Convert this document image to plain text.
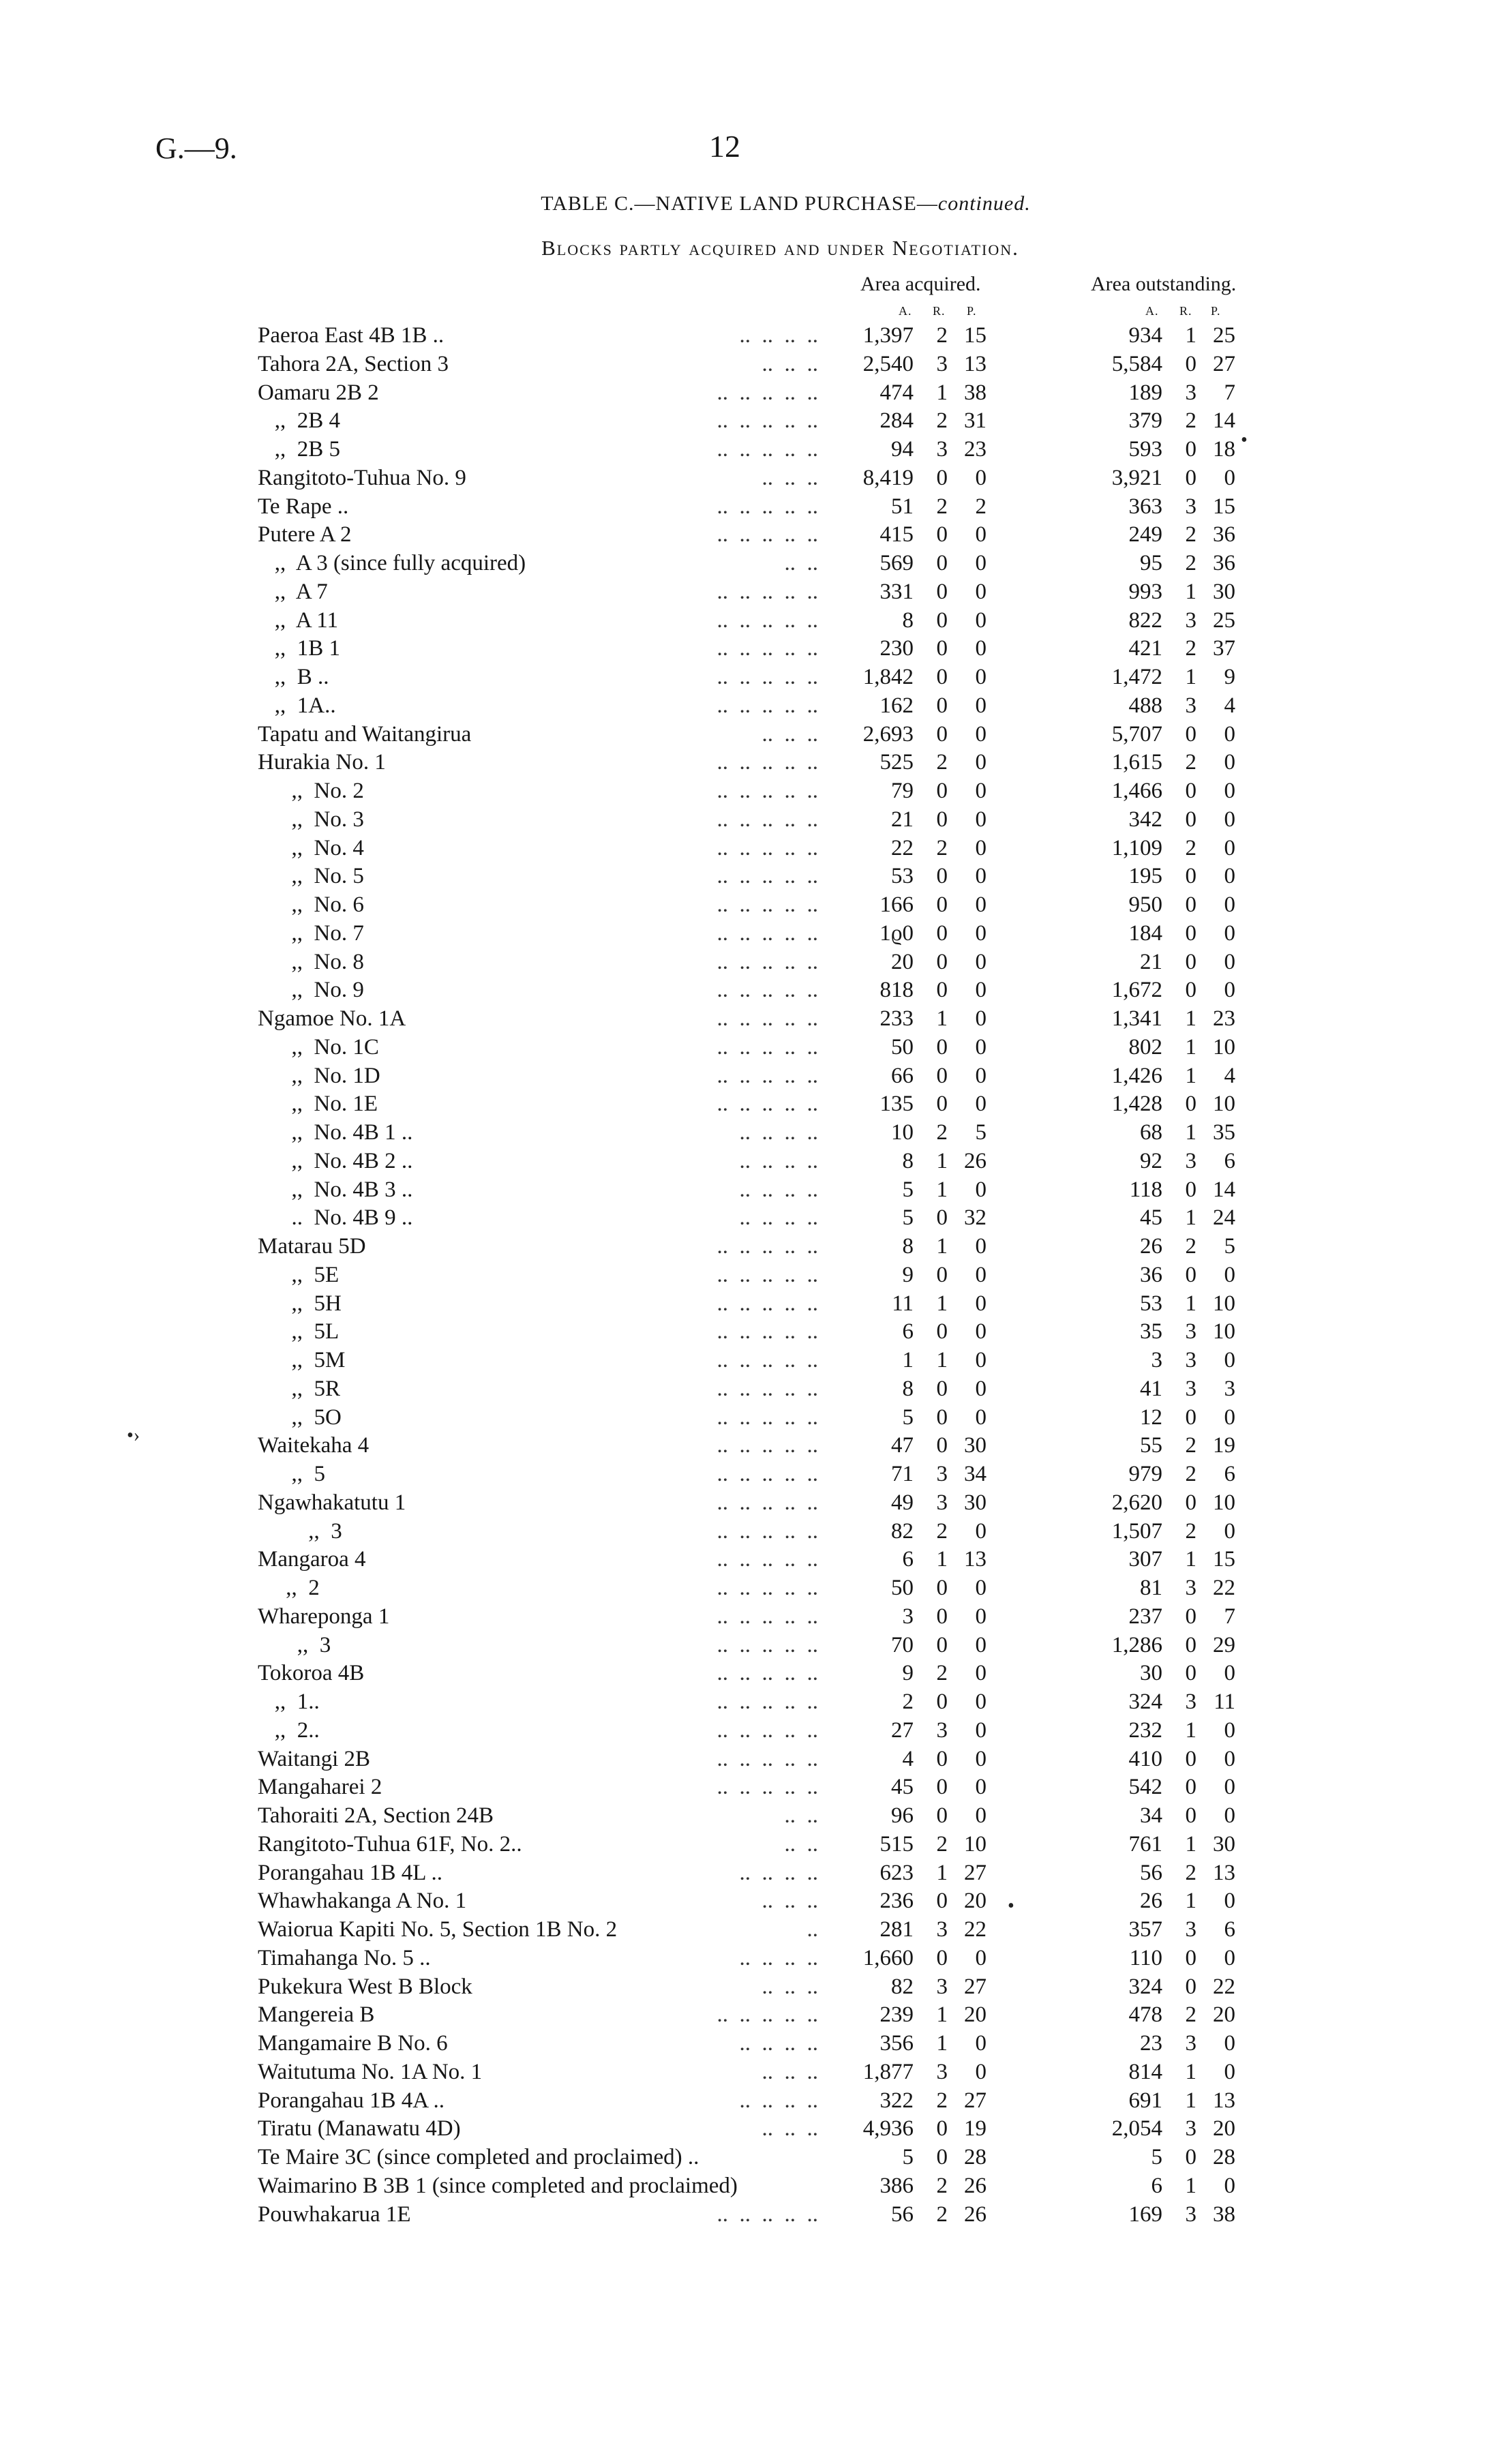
G.—9.	12
TABLE C.—NATIVE LAND PURCHASE—continued.
Blocks partly acquired and under Negotiation.
Area acquired.	Area outstanding.
A. R. P.	A. R. P.
Paeroa East 4B 1B ..	..  ..  ..  ..	1,397	2 15	934	1 25
Tahora 2A, Section 3	..  ..  ..	2,540	3 13	5,584	0 27
Oamaru 2B 2	..  ..  ..  ..  ..	474	1 38	189	3	7
,,  2B 4	..  ..  ..  ..  ..	284	2 31	379	2 14
,,  2B 5	..  ..  ..  ..  ..	94	3 23	593	0 18
Rangitoto-Tuhua No. 9	..  ..  ..	8,419	0	0	3,921	0	0
Te Rape ..	..  ..  ..  ..  ..	51	2	2	363	3 15
Putere A 2	..  ..  ..  ..  ..	415	0	0	249	2 36
,,  A 3 (since fully acquired)	..  ..	569	0	0	95	2 36
,,  A 7	..  ..  ..  ..  ..	331	0	0	993	1 30
,,  A 11	..  ..  ..  ..  ..	8	0	0	822	3 25
,,  1B 1	..  ..  ..  ..  ..	230	0	0	421	2 37
,,  B ..	..  ..  ..  ..  ..	1,842	0	0	1,472	1	9
,,  1A..	..  ..  ..  ..  ..	162	0	0	488	3	4
Tapatu and Waitangirua	..  ..  ..	2,693	0	0	5,707	0	0
Hurakia No. 1	..  ..  ..  ..  ..	525	2	0	1,615	2	0
,,  No. 2	..  ..  ..  ..  ..	79	0	0	1,466	0	0
,,  No. 3	..  ..  ..  ..  ..	21	0	0	342	0	0
,,  No. 4	..  ..  ..  ..  ..	22	2	0	1,109	2	0
,,  No. 5	..  ..  ..  ..  ..	53	0	0	195	0	0
,,  No. 6	..  ..  ..  ..  ..	166	0	0	950	0	0
,,  No. 7	..  ..  ..  ..  ..	1ϱ0	0	0	184	0	0
,,  No. 8	..  ..  ..  ..  ..	20	0	0	21	0	0
,,  No. 9	..  ..  ..  ..  ..	818	0	0	1,672	0	0
Ngamoe No. 1A	..  ..  ..  ..  ..	233	1	0	1,341	1 23
,,  No. 1C	..  ..  ..  ..  ..	50	0	0	802	1 10
,,  No. 1D	..  ..  ..  ..  ..	66	0	0	1,426	1	4
,,  No. 1E	..  ..  ..  ..  ..	135	0	0	1,428	0 10
,,  No. 4B 1 ..	..  ..  ..  ..	10	2	5	68	1 35
,,  No. 4B 2 ..	..  ..  ..  ..	8	1 26	92	3	6
,,  No. 4B 3 ..	..  ..  ..  ..	5	1	0	118	0 14
..  No. 4B 9 ..	..  ..  ..  ..	5	0 32	45	1 24
Matarau 5D	..  ..  ..  ..  ..	8	1	0	26	2	5
,,  5E	..  ..  ..  ..  ..	9	0	0	36	0	0
,,  5H	..  ..  ..  ..  ..	11	1	0	53	1 10
,,  5L	..  ..  ..  ..  ..	6	0	0	35	3 10
,,  5M	..  ..  ..  ..  ..	1	1	0	3	3	0
,,  5R	..  ..  ..  ..  ..	8	0	0	41	3	3
,,  5O	..  ..  ..  ..  ..	5	0	0	12	0	0
Waitekaha 4	..  ..  ..  ..  ..	47	0 30	55	2 19
,,  5	..  ..  ..  ..  ..	71	3 34	979	2	6
Ngawhakatutu 1	..  ..  ..  ..  ..	49	3 30	2,620	0 10
,,  3	..  ..  ..  ..  ..	82	2	0	1,507	2	0
Mangaroa 4	..  ..  ..  ..  ..	6	1 13	307	1 15
,,  2	..  ..  ..  ..  ..	50	0	0	81	3 22
Whareponga 1	..  ..  ..  ..  ..	3	0	0	237	0	7
,,  3	..  ..  ..  ..  ..	70	0	0	1,286	0 29
Tokoroa 4B	..  ..  ..  ..  ..	9	2	0	30	0	0
,,  1..	..  ..  ..  ..  ..	2	0	0	324	3 11
,,  2..	..  ..  ..  ..  ..	27	3	0	232	1	0
Waitangi 2B	..  ..  ..  ..  ..	4	0	0	410	0	0
Mangaharei 2	..  ..  ..  ..  ..	45	0	0	542	0	0
Tahoraiti 2A, Section 24B	..  ..	96	0	0	34	0	0
Rangitoto-Tuhua 61F, No. 2..	..  ..	515	2 10	761	1 30
Porangahau 1B 4L ..	..  ..  ..  ..	623	1 27	56	2 13
Whawhakanga A No. 1	..  ..  ..	236	0 20	26	1	0
Waiorua Kapiti No. 5, Section 1B No. 2	..	281	3 22	357	3	6
Timahanga No. 5 ..	..  ..  ..  ..	1,660	0	0	110	0	0
Pukekura West B Block	..  ..  ..	82	3 27	324	0 22
Mangereia B	..  ..  ..  ..  ..	239	1 20	478	2 20
Mangamaire B No. 6	..  ..  ..  ..	356	1	0	23	3	0
Waitutuma No. 1A No. 1	..  ..  ..	1,877	3	0	814	1	0
Porangahau 1B 4A ..	..  ..  ..  ..	322	2 27	691	1 13
Tiratu (Manawatu 4D)	..  ..  ..	4,936	0 19	2,054	3 20
Te Maire 3C (since completed and proclaimed) ..	5	0 28	5	0 28
Waimarino B 3B 1 (since completed and proclaimed)	386	2 26	6	1	0
Pouwhakarua 1E	..  ..  ..  ..  ..	56	2 26	169	3 38
•›
•
•
